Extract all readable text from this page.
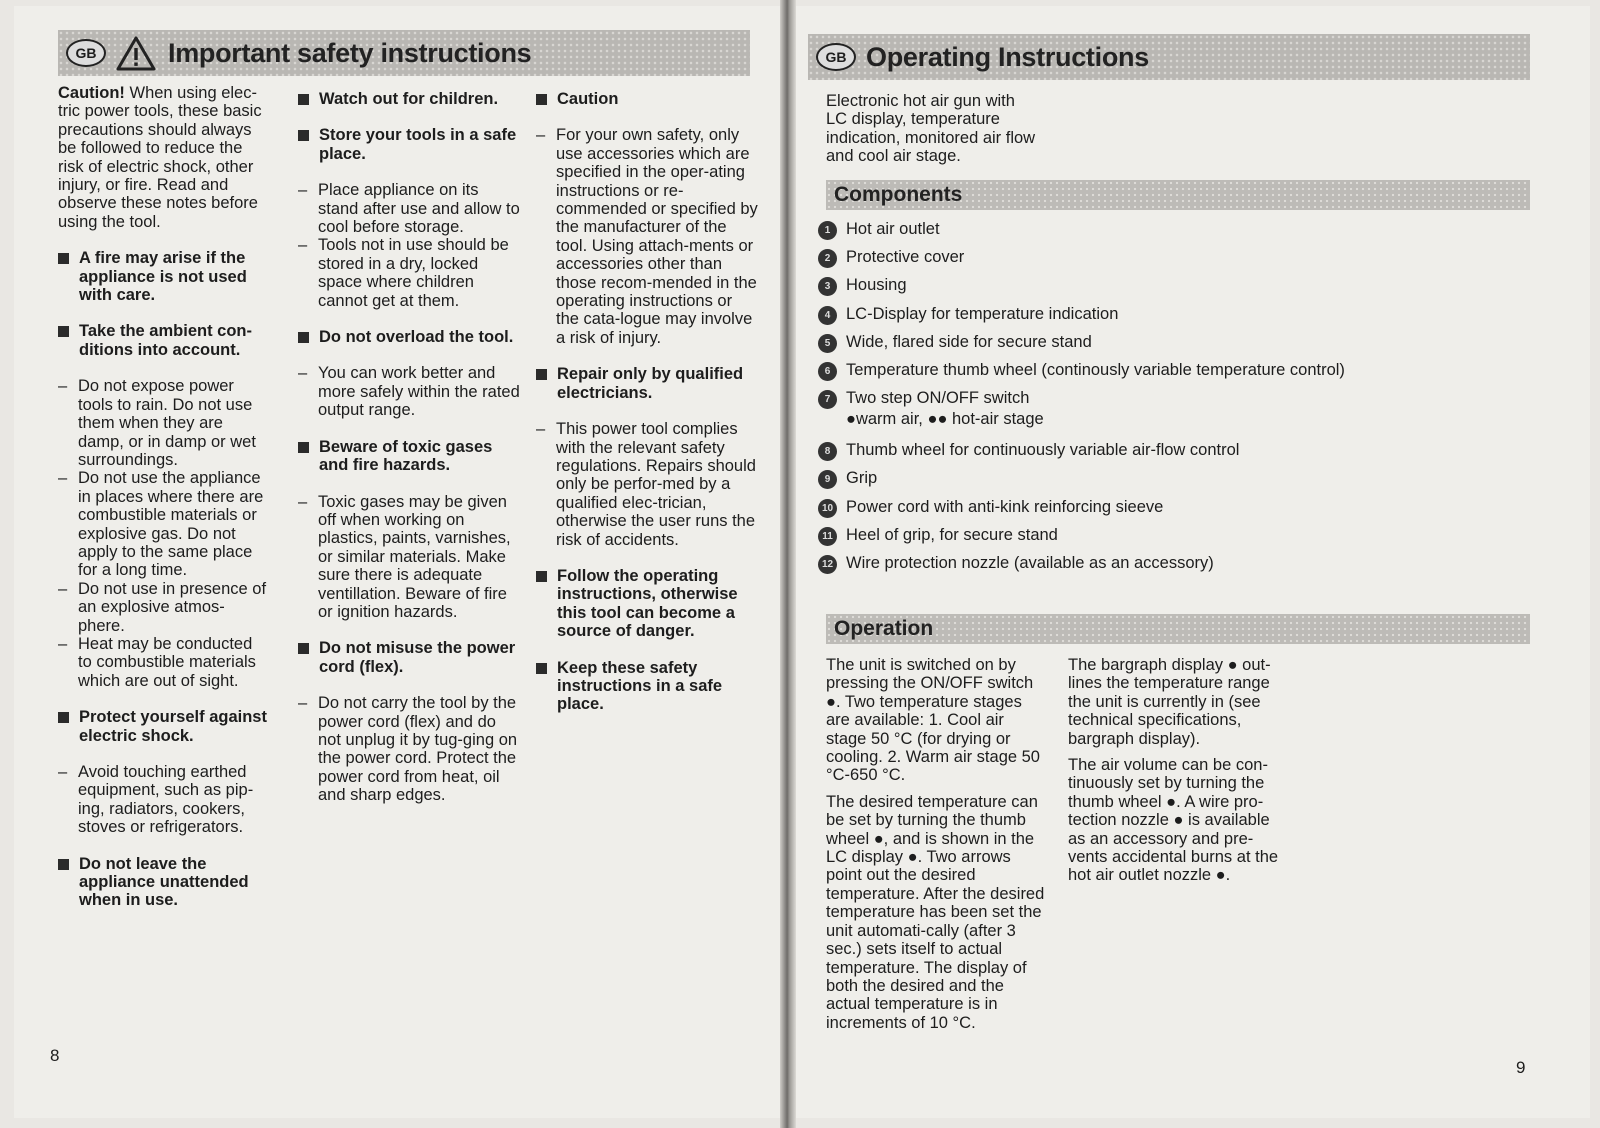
GB	Important safety instructions

Caution! When using elec-tric power tools, these basic precautions should always be followed to reduce the risk of electric shock, other injury, or fire. Read and observe these notes before using the tool.

A fire may arise if the appliance is not used with care.
Take the ambient con-ditions into account.
– Do not expose power tools to rain. Do not use them when they are damp, or in damp or wet surroundings.
– Do not use the appliance in places where there are combustible materials or explosive gas. Do not apply to the same place for a long time.
– Do not use in presence of an explosive atmos-phere.
– Heat may be conducted to combustible materials which are out of sight.
Protect yourself against electric shock.
– Avoid touching earthed equipment, such as pip-ing, radiators, cookers, stoves or refrigerators.
Do not leave the appliance unattended when in use.
Watch out for children.
Store your tools in a safe place.
– Place appliance on its stand after use and allow to cool before storage.
– Tools not in use should be stored in a dry, locked space where children cannot get at them.
Do not overload the tool.
– You can work better and more safely within the rated output range.
Beware of toxic gases and fire hazards.
– Toxic gases may be given off when working on plastics, paints, varnishes, or similar materials. Make sure there is adequate ventillation. Beware of fire or ignition hazards.
Do not misuse the power cord (flex).
– Do not carry the tool by the power cord (flex) and do not unplug it by tug-ging on the power cord. Protect the power cord from heat, oil and sharp edges.
Caution
– For your own safety, only use accessories which are specified in the oper-ating instructions or re-commended or specified by the manufacturer of the tool. Using attach-ments or accessories other than those recom-mended in the operating instructions or the cata-logue may involve a risk of injury.
Repair only by qualified electricians.
– This power tool complies with the relevant safety regulations. Repairs should only be perfor-med by a qualified elec-trician, otherwise the user runs the risk of accidents.
Follow the operating instructions, otherwise this tool can become a source of danger.
Keep these safety instructions in a safe place.
8
GB Operating Instructions
Electronic hot air gun with LC display, temperature indication, monitored air flow and cool air stage.
Components
1 Hot air outlet
2 Protective cover
3 Housing
4 LC-Display for temperature indication
5 Wide, flared side for secure stand
6 Temperature thumb wheel (continously variable temperature control)
7 Two step ON/OFF switch
●warm air, ●● hot-air stage
8 Thumb wheel for continuously variable air-flow control
9 Grip
10 Power cord with anti-kink reinforcing sieeve
11 Heel of grip, for secure stand
12 Wire protection nozzle (available as an accessory)
Operation

The unit is switched on by pressing the ON/OFF switch ●. Two temperature stages are available: 1. Cool air stage 50 °C (for drying or cooling. 2. Warm air stage 50 °C-650 °C.

The desired temperature can be set by turning the thumb wheel ●, and is shown in the LC display ●. Two arrows point out the desired temperature. After the desired temperature has been set the unit automati-cally (after 3 sec.) sets itself to actual temperature. The display of both the desired and the actual temperature is in increments of 10 °C.

The bargraph display ● out-lines the temperature range the unit is currently in (see technical specifications, bargraph display).

The air volume can be con-tinuously set by turning the thumb wheel ●. A wire pro-tection nozzle ● is available as an accessory and pre-vents accidental burns at the hot air outlet nozzle ●.

9
